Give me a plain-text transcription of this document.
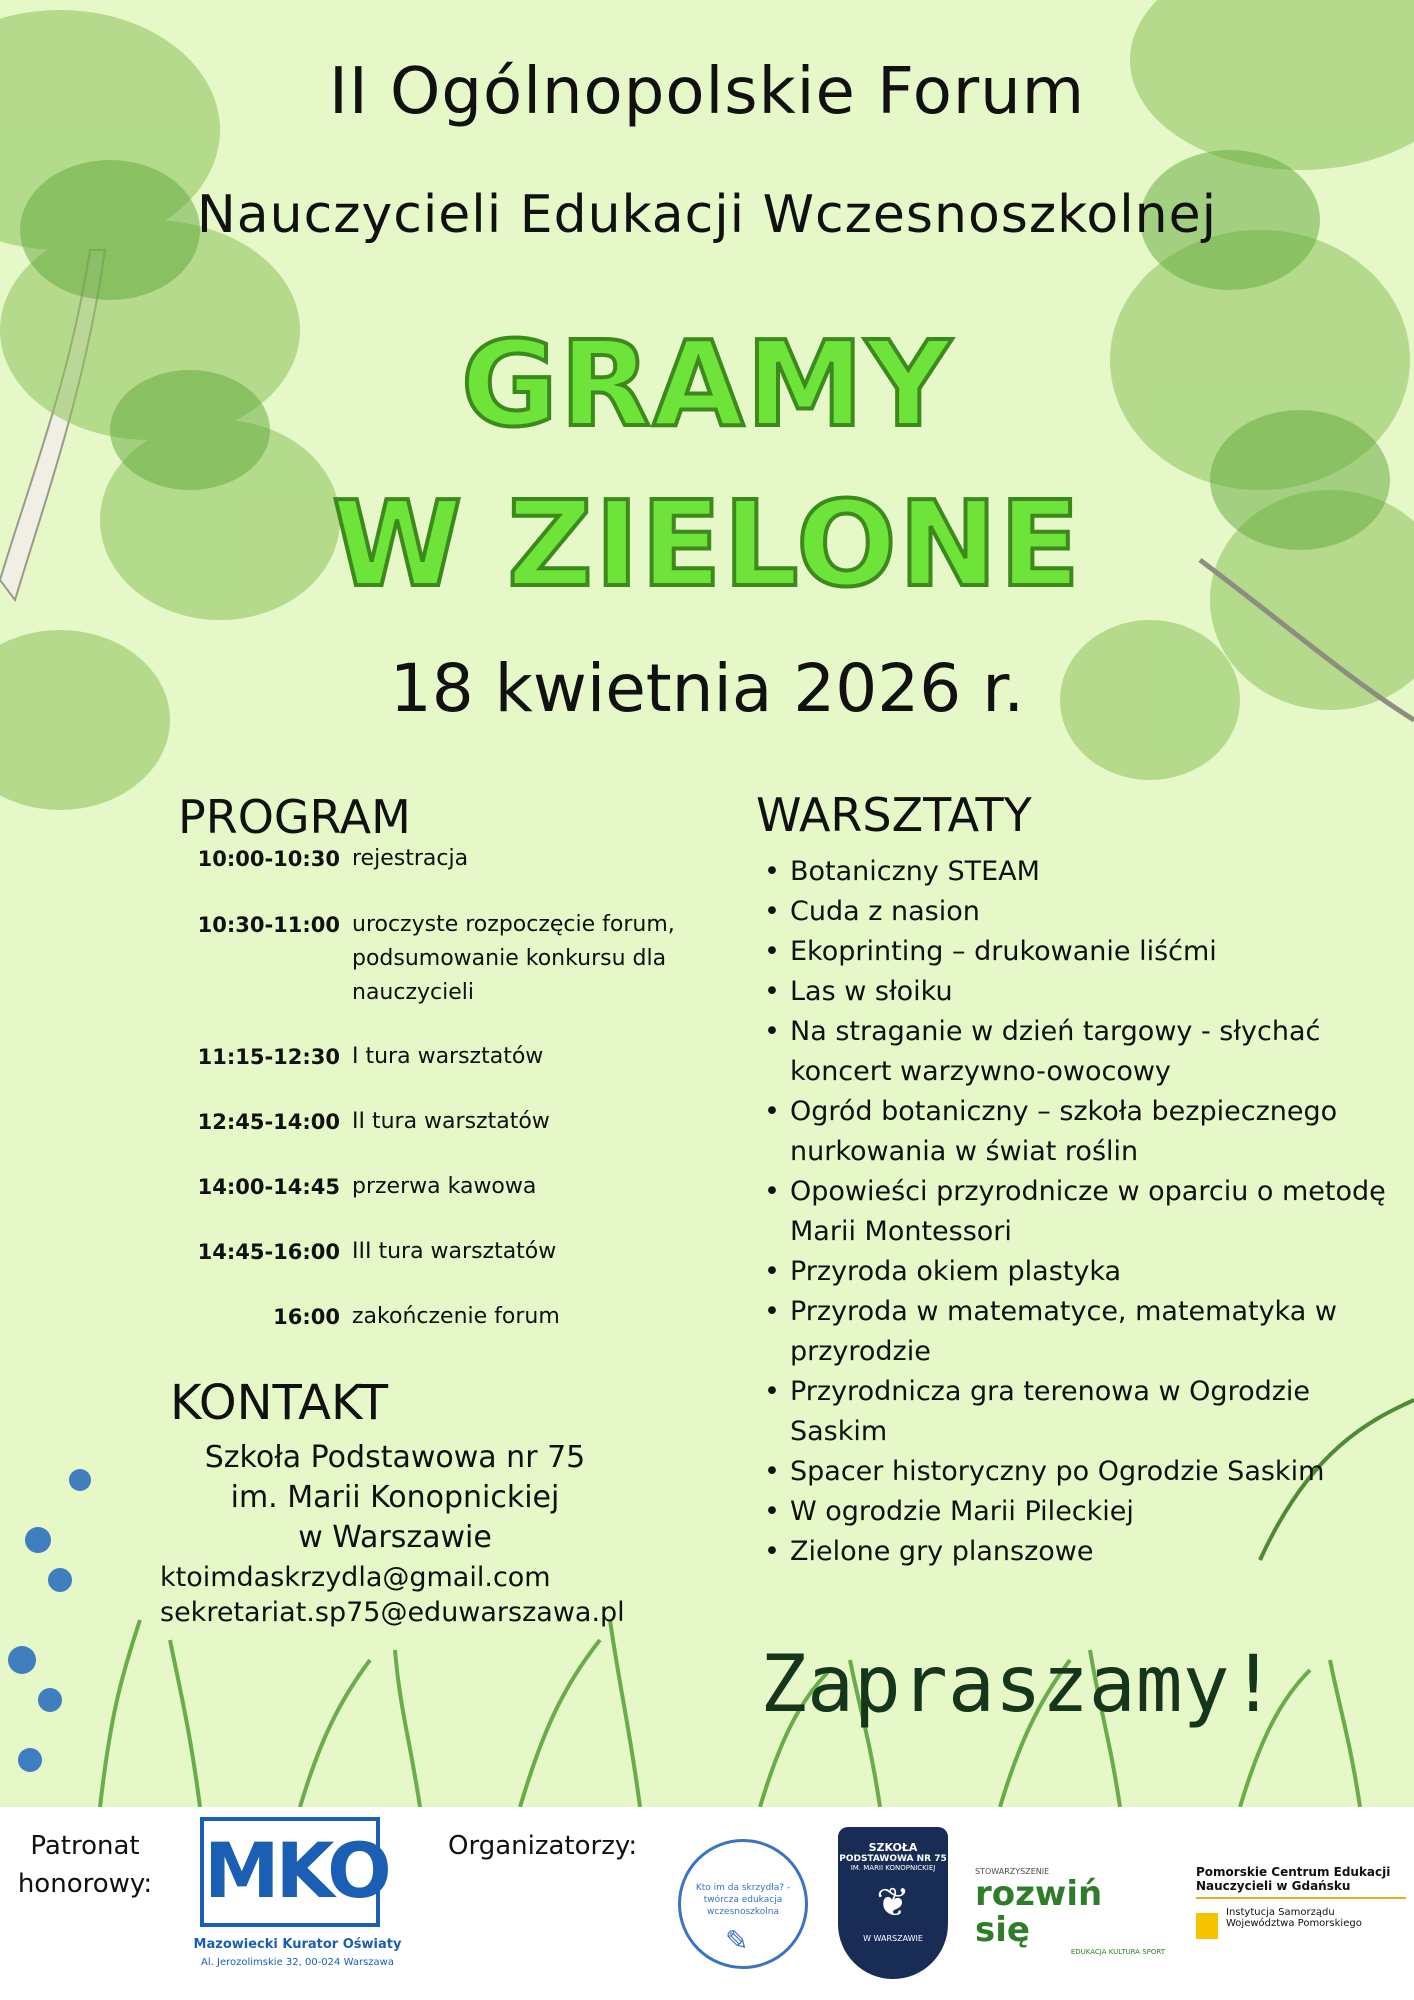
II Ogólnopolskie Forum
Nauczycieli Edukacji Wczesnoszkolnej
GRAMY
W ZIELONE
18 kwietnia 2026 r.
PROGRAM
10:00-10:30 rejestracja
10:30-11:00 uroczyste rozpoczęcie forum, podsumowanie konkursu dla nauczycieli
11:15-12:30 I tura warsztatów
12:45-14:00 II tura warsztatów
14:00-14:45 przerwa kawowa
14:45-16:00 III tura warsztatów
16:00 zakończenie forum
WARSZTATY
• Botaniczny STEAM
• Cuda z nasion
• Ekoprinting – drukowanie liśćmi
• Las w słoiku
• Na straganie w dzień targowy - słychać koncert warzywno-owocowy
• Ogród botaniczny – szkoła bezpiecznego nurkowania w świat roślin
• Opowieści przyrodnicze w oparciu o metodę Marii Montessori
• Przyroda okiem plastyka
• Przyroda w matematyce, matematyka w przyrodzie
• Przyrodnicza gra terenowa w Ogrodzie Saskim
• Spacer historyczny po Ogrodzie Saskim
• W ogrodzie Marii Pileckiej
• Zielone gry planszowe
KONTAKT
Szkoła Podstawowa nr 75
im. Marii Konopnickiej
w Warszawie
ktoimdaskrzydla@gmail.com
sekretariat.sp75@eduwarszawa.pl
Zapraszamy!
Patronat honorowy: MKO
Mazowiecki Kurator Oświaty
Al. Jerozolimskie 32, 00-024 Warszawa
Organizatorzy:
Kto im da skrzydła? - twórcza edukacja wczesnoszkolna
✎
SZKOŁA
PODSTAWOWA NR 75
IM. MARII KONOPNICKIEJ
❦
W WARSZAWIE
STOWARZYSZENIE
rozwiń się
EDUKACJA KULTURA SPORT
Pomorskie Centrum Edukacji
Nauczycieli w Gdańsku
Instytucja Samorządu
Województwa Pomorskiego
